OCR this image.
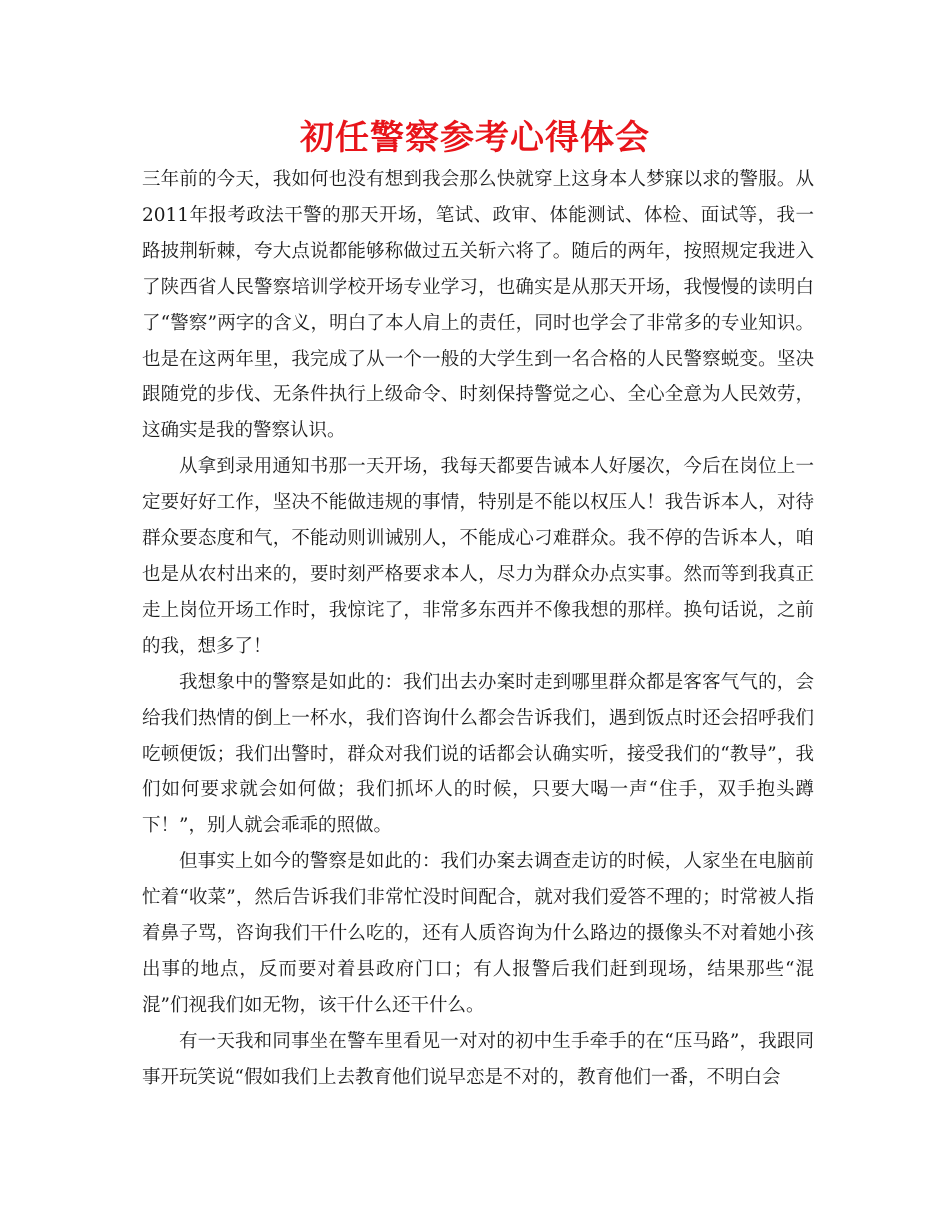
初任警察参考心得体会

三年前的今天，我如何也没有想到我会那么快就穿上这身本人梦寐以求的警服。从2011年报考政法干警的那天开场，笔试、政审、体能测试、体检、面试等，我一路披荆斩棘，夸大点说都能够称做过五关斩六将了。随后的两年，按照规定我进入了陕西省人民警察培训学校开场专业学习，也确实是从那天开场，我慢慢的读明白了“警察”两字的含义，明白了本人肩上的责任，同时也学会了非常多的专业知识。也是在这两年里，我完成了从一个一般的大学生到一名合格的人民警察蜕变。坚决跟随党的步伐、无条件执行上级命令、时刻保持警觉之心、全心全意为人民效劳，这确实是我的警察认识。

从拿到录用通知书那一天开场，我每天都要告诫本人好屡次，今后在岗位上一定要好好工作，坚决不能做违规的事情，特别是不能以权压人！我告诉本人，对待群众要态度和气，不能动则训诫别人，不能成心刁难群众。我不停的告诉本人，咱也是从农村出来的，要时刻严格要求本人，尽力为群众办点实事。然而等到我真正走上岗位开场工作时，我惊诧了，非常多东西并不像我想的那样。换句话说，之前的我，想多了！

我想象中的警察是如此的：我们出去办案时走到哪里群众都是客客气气的，会给我们热情的倒上一杯水，我们咨询什么都会告诉我们，遇到饭点时还会招呼我们吃顿便饭；我们出警时，群众对我们说的话都会认确实听，接受我们的“教导”，我们如何要求就会如何做；我们抓坏人的时候，只要大喝一声“住手，双手抱头蹲下！”，别人就会乖乖的照做。

但事实上如今的警察是如此的：我们办案去调查走访的时候，人家坐在电脑前忙着“收菜”，然后告诉我们非常忙没时间配合，就对我们爱答不理的；时常被人指着鼻子骂，咨询我们干什么吃的，还有人质咨询为什么路边的摄像头不对着她小孩出事的地点，反而要对着县政府门口；有人报警后我们赶到现场，结果那些“混混”们视我们如无物，该干什么还干什么。

有一天我和同事坐在警车里看见一对对的初中生手牵手的在“压马路”，我跟同事开玩笑说“假如我们上去教育他们说早恋是不对的，教育他们一番，不明白会
